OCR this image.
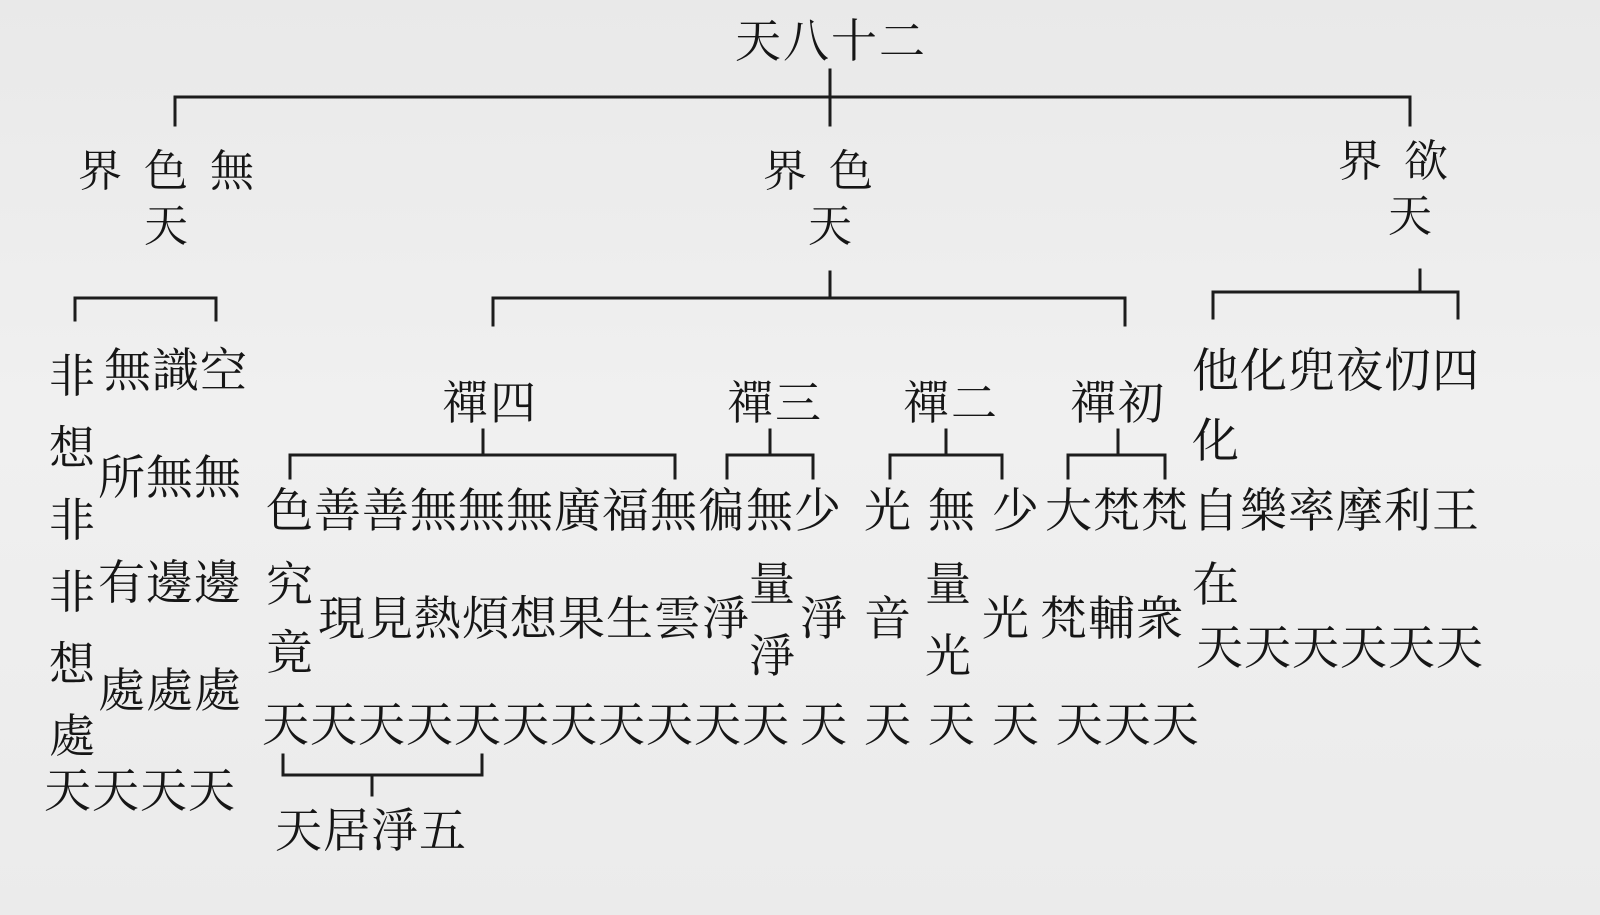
天八十二
界 色 無
天
界 色
天
界 欲
天
非
想
非
非
想
處
無識空
所無無
有邊邊
處處處
天天天天
禪四	禪三 禪二 禪初
色善善無無無廣福無徧無少
究
現見熱煩想果生雲淨
竟
天天天天天天天天天天天
量
淨
淨
光 無 少
量
光
音 光
大梵梵
梵輔衆
天 天 天 天 天天天
天居淨五
他化兜夜忉四
化
自樂率摩利王
在
天天天天天天
